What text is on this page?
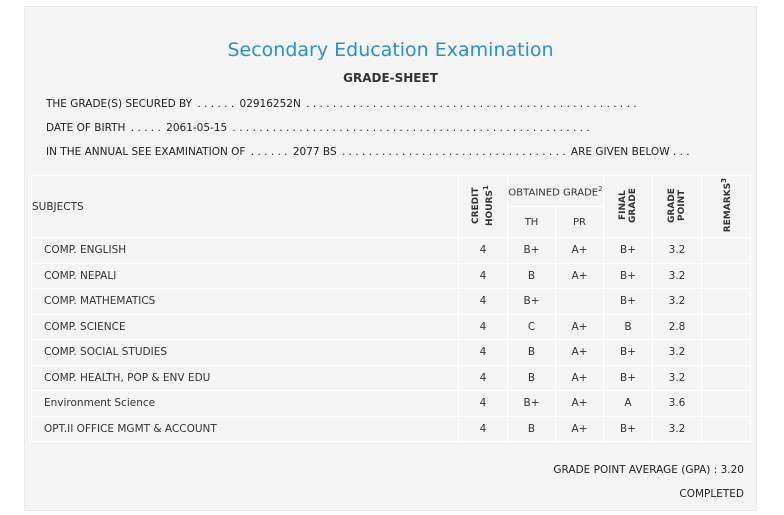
Secondary Education Examination
GRADE-SHEET
THE GRADE(S) SECURED BY . . . . . . 02916252N . . . . . . . . . . . . . . . . . . . . . . . . . . . . . . . . . . . . . . . . . . . . . . . . . .
DATE OF BIRTH . . . . . 2061-05-15 . . . . . . . . . . . . . . . . . . . . . . . . . . . . . . . . . . . . . . . . . . . . . . . . . . . . . .
IN THE ANNUAL SEE EXAMINATION OF . . . . . . 2077 BS . . . . . . . . . . . . . . . . . . . . . . . . . . . . . . . . . . ARE GIVEN BELOW . . .
SUBJECTS	CREDIT HOURS$^1$	OBTAINED GRADE$^2$		FINAL GRADE	GRADE POINT	REMARKS$^3$
		TH	PR			
COMP. ENGLISH	4	B+	A+	B+	3.2	
COMP. NEPALI	4	B	A+	B+	3.2	
COMP. MATHEMATICS	4	B+		B+	3.2	
COMP. SCIENCE	4	C	A+	B	2.8	
COMP. SOCIAL STUDIES	4	B	A+	B+	3.2	
COMP. HEALTH, POP & ENV EDU	4	B	A+	B+	3.2	
Environment Science	4	B+	A+	A	3.6	
OPT.II OFFICE MGMT & ACCOUNT	4	B	A+	B+	3.2	
GRADE POINT AVERAGE (GPA) : 3.20
COMPLETED
